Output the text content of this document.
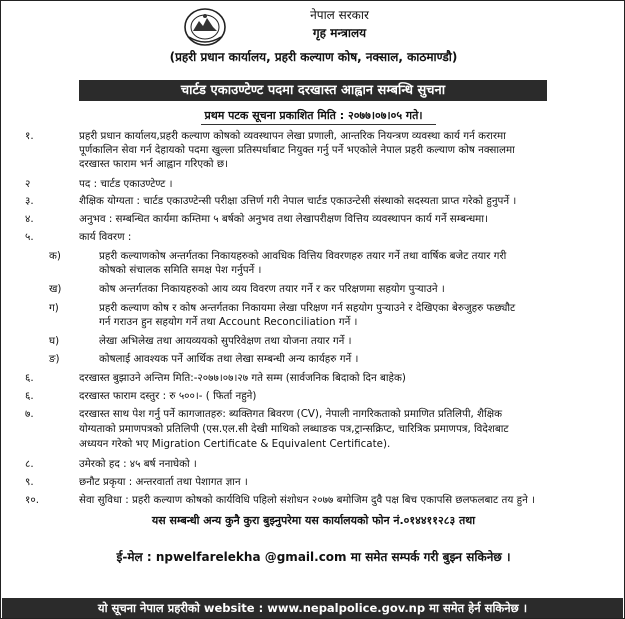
नेपाल सरकार
गृह मन्त्रालय
(प्रहरी प्रधान कार्यालय, प्रहरी कल्याण कोष, नक्साल, काठमाण्डौ)
चार्टड एकाउण्टेण्ट पदमा दरखास्त आह्वान सम्बन्धि सुचना
प्रथम पटक सूचना प्रकाशित मिति : २०७७।०७।०५ गते।
१.	प्रहरी प्रधान कार्यालय,प्रहरी कल्याण कोषको व्यवस्थापन लेखा प्रणाली, आन्तरिक नियन्त्रण व्यवस्था कार्य गर्न करारमा
पूर्णकालिन सेवा गर्न देहायको पदमा खुल्ला प्रतिस्पर्धाबाट नियुक्त गर्नु पर्ने भएकोले नेपाल प्रहरी कल्याण कोष नक्सालमा
दरखास्त फाराम भर्न आह्वान गरिएको छ।
२	पद : चार्टड एकाउण्टेण्ट ।
३.	शैक्षिक योग्यता : चार्टड एकाउण्टेन्सी परीक्षा उत्तिर्ण गरी नेपाल चार्टड एकाउन्टेसी संस्थाको सदस्यता प्राप्त गरेको हुनुपर्ने ।
४.	अनुभव : सम्बन्धित कार्यमा कम्तिमा ५ बर्षको अनुभव तथा लेखापरीक्षण वित्तिय व्यवस्थापन कार्य गर्ने सम्बन्धमा।
५.	कार्य विवरण :
क)	प्रहरी कल्याणकोष अन्तर्गतका निकायहरुको आवधिक वित्तिय विवरणहरु तयार गर्ने तथा वार्षिक बजेट तयार गरी
कोषको संचालक समिति समक्ष पेश गर्नुपर्ने ।
ख)	कोष अन्तर्गतका निकायहरुको आय व्यय विवरण तयार गर्ने र कर परिक्षणमा सहयोग पुर्‍याउने ।
ग)	प्रहरी कल्याण कोष र कोष अन्तर्गतका निकायमा लेखा परिक्षण गर्न सहयोग पुर्‍याउने र देखिएका बेरुजुहरु फछ्यौट
गर्न गराउन हुन सहयोग गर्ने तथा Account Reconciliation गर्ने ।
घ)	लेखा अभिलेख तथा आयव्ययको सुपरिवेक्षण तथा योजना तयार गर्ने ।
ङ)	कोषलाई आवश्यक पर्ने आर्थिक तथा लेखा सम्बन्धी अन्य कार्यहरु गर्ने ।
६.	दरखास्त बुझाउने अन्तिम मिति:-२०७७।०७।२७ गते सम्म (सार्वजनिक बिदाको दिन बाहेक)
६.	दरखास्त फाराम दस्तुर : रु ५००।- ( फिर्ता नहुने)
७.	दरखास्त साथ पेश गर्नु पर्ने कागजातहरु: ब्यक्तिगत बिवरण (CV), नेपाली नागरिकताको प्रमाणित प्रतिलिपी, शैक्षिक
योग्यताको प्रमाणपत्रको प्रतिलिपी (एस.एल.सी देखी माथिको लब्धाङक पत्र,ट्रान्सक्रिप्ट, चारित्रिक प्रमाणपत्र, विदेशबाट
अध्ययन गरेको भए Migration Certificate & Equivalent Certificate).
८.	उमेरको हद : ४५ बर्ष ननाघेको ।
९.	छनौट प्रकृया : अन्तरवार्ता तथा पेशागत ज्ञान ।
१०.	सेवा सुविधा : प्रहरी कल्याण कोषको कार्यविधि पहिलो संशोधन २०७७ बमोजिम दुवै पक्ष बिच एकापसि छलफलबाट तय हुने ।
यस सम्बन्धी अन्य कुनै कुरा बुझ्नुपरेमा यस कार्यालयको फोन नं.०१४४११२८३ तथा
ई-मेल : npwelfarelekha @gmail.com मा समेत सम्पर्क गरी बुझ्न सकिनेछ ।
यो सूचना नेपाल प्रहरीको website : www.nepalpolice.gov.np मा समेत हेर्न सकिनेछ ।
